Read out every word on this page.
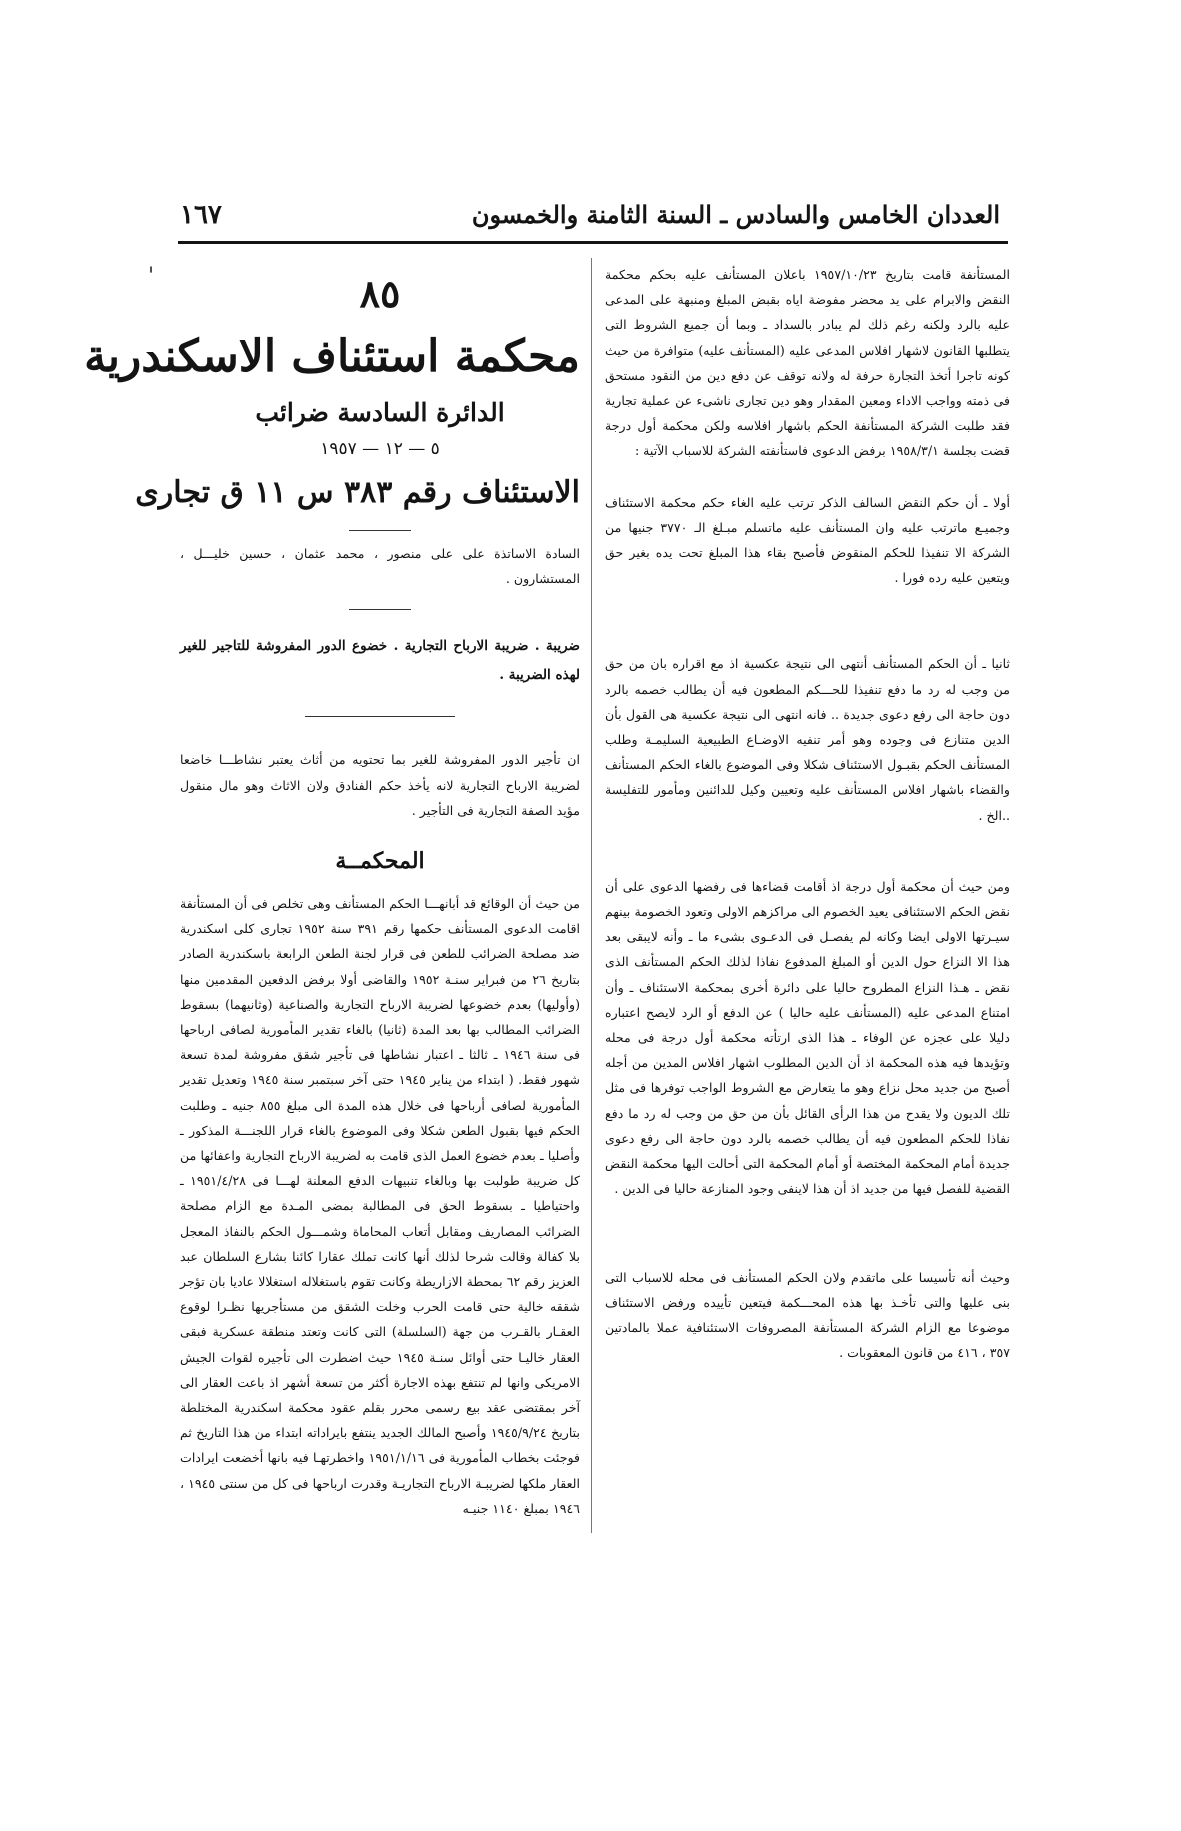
العددان الخامس والسادس ـ السنة الثامنة والخمسون
١٦٧
'	المستأنفة قامت بتاريخ ١٩٥٧/١٠/٢٣ باعلان المستأنف عليه بحكم محكمة النقض والابرام على يد محضر مفوضة اياه بقبض المبلغ ومنبهة على المدعى عليه بالرد ولكنه رغم ذلك لم يبادر بالسداد ـ وبما أن جميع الشروط التى يتطلبها القانون لاشهار افلاس المدعى عليه (المستأنف عليه) متوافرة من حيث كونه تاجرا أتخذ التجارة حرفة له ولانه توقف عن دفع دين من النقود مستحق فى ذمته وواجب الاداء ومعين المقدار وهو دين تجارى ناشىء عن عملية تجارية فقد طلبت الشركة المستأنفة الحكم باشهار افلاسه ولكن محكمة أول درجة قضت بجلسة ١٩٥٨/٣/١ برفض الدعوى فاستأنفته الشركة للاسباب الآتية :

أولا ـ أن حكم النقض السالف الذكر ترتب عليه الغاء حكم محكمة الاستئناف وجميـع ماترتب عليه وان المستأنف عليه ماتسلم مبـلغ الـ ٣٧٧٠ جنيها من الشركة الا تنفيذا للحكم المنقوض فأصبح بقاء هذا المبلغ تحت يده بغير حق ويتعين عليه رده فورا .

ثانيا ـ أن الحكم المستأنف أنتهى الى نتيجة عكسية اذ مع اقراره بان من حق من وجب له رد ما دفع تنفيذا للحـــكم المطعون فيه أن يطالب خصمه بالرد دون حاجة الى رفع دعوى جديدة .. فانه انتهى الى نتيجة عكسية هى القول بأن الدين متنازع فى وجوده وهو أمر تنفيه الاوضـاع الطبيعية السليمـة وطلب المستأنف الحكم بقبـول الاستئناف شكلا وفى الموضوع بالغاء الحكم المستأنف والقضاء باشهار افلاس المستأنف عليه وتعيين وكيل للدائنين ومأمور للتفليسة ..الخ .

ومن حيث أن محكمة أول درجة اذ أقامت قضاءها فى رفضها الدعوى على أن نقض الحكم الاستئنافى يعيد الخصوم الى مراكزهم الاولى وتعود الخصومة بينهم سيـرتها الاولى ايضا وكانه لم يفصـل فى الدعـوى بشىء ما ـ وأنه لايبقى بعد هذا الا النزاع حول الدين أو المبلغ المدفوع نفاذا لذلك الحكم المستأنف الذى نقض ـ هـذا النزاع المطروح حاليا على دائرة أخرى بمحكمة الاستئناف ـ وأن امتناع المدعى عليه (المستأنف عليه حاليا ) عن الدفع أو الرد لايصح اعتباره دليلا على عجزه عن الوفاء ـ هذا الذى ارتأته محكمة أول درجة فى محله وتؤيدها فيه هذه المحكمة اذ أن الدين المطلوب اشهار افلاس المدين من أجله أصبح من جديد محل نزاع وهو ما يتعارض مع الشروط الواجب توفرها فى مثل تلك الديون ولا يقدح من هذا الرأى القائل بأن من حق من وجب له رد ما دفع نفاذا للحكم المطعون فيه أن يطالب خصمه بالرد دون حاجة الى رفع دعوى جديدة أمام المحكمة المختصة أو أمام المحكمة التى أحالت اليها محكمة النقض القضية للفصل فيها من جديد اذ أن هذا لاينفى وجود المنازعة حاليا فى الدين .

وحيث أنه تأسيسا على ماتقدم ولان الحكم المستأنف فى محله للاسباب التى بنى عليها والتى تأخـذ بها هذه المحـــكمة فيتعين تأييده ورفض الاستئناف موضوعا مع الزام الشركة المستأنفة المصروفات الاستئنافية عملا بالمادتين ٣٥٧ ، ٤١٦ من قانون المعقوبات .

٨٥

محكمة استئناف الاسكندرية

الدائرة السادسة ضرائب

٥ — ١٢ — ١٩٥٧

الاستئناف رقم ٣٨٣ س ١١ ق تجارى

السادة الاساتذة على على منصور ، محمد عثمان ، حسين خليـــل ، المستشارون .

ضريبة . ضريبة الارباح التجارية . خضوع الدور المفروشة للتاجير للغير لهذه الضريبة .

ان تأجير الدور المفروشة للغير بما تحتويه من أثاث يعتبر نشاطـــا خاضعا لضريبة الارباح التجارية لانه يأخذ حكم الفنادق ولان الاثاث وهو مال منقول مؤيد الصفة التجارية فى التأجير .

المحكمــة

من حيث أن الوقائع قد أبانهـــا الحكم المستأنف وهى تخلص فى أن المستأنفة اقامت الدعوى المستأنف حكمها رقم ٣٩١ سنة ١٩٥٢ تجارى كلى اسكندرية ضد مصلحة الضرائب للطعن فى قرار لجنة الطعن الرابعة باسكندرية الصادر بتاريخ ٢٦ من فبراير سنـة ١٩٥٢ والقاضى أولا برفض الدفعين المقدمين منها (وأوليها) بعدم خضوعها لضريبة الارباح التجارية والصناعية (وثانيهما) بسقوط الضرائب المطالب بها بعد المدة (ثانيا) بالغاء تقدير المأمورية لصافى ارباحها فى سنة ١٩٤٦ ـ ثالثا ـ اعتبار نشاطها فى تأجير شقق مفروشة لمدة تسعة شهور فقط. ( ابتداء من يناير ١٩٤٥ حتى آخر سبتمبر سنة ١٩٤٥ وتعديل تقدير المأمورية لصافى أرباحها فى خلال هذه المدة الى مبلغ ٨٥٥ جنيه ـ وطلبت الحكم فيها بقبول الطعن شكلا وفى الموضوع بالغاء قرار اللجنـــة المذكور ـ وأصليا ـ بعدم خضوع العمل الذى قامت به لضريبة الارباح التجارية واعفائها من كل ضريبة طولبت بها وبالغاء تنبيهات الدفع المعلنة لهـــا فى ١٩٥١/٤/٢٨ ـ واحتياطيا ـ بسقوط الحق فى المطالبة بمضى المـدة مع الزام مصلحة الضرائب المصاريف ومقابل أتعاب المحاماة وشمـــول الحكم بالنفاذ المعجل بلا كفالة وقالت شرحا لذلك أنها كانت تملك عقارا كائنا بشارع السلطان عبد العزيز رقم ٦٢ بمحطة الازاريطة وكانت تقوم باستغلاله استغلالا عاديا بان تؤجر شققه خالية حتى قامت الحرب وخلت الشقق من مستأجريها نظـرا لوقوع العقـار بالقـرب من جهة (السلسلة) التى كانت وتعتد منطقة عسكرية فبقى العقار خاليـا حتى أوائل سنـة ١٩٤٥ حيث اضطرت الى تأجيره لقوات الجيش الامريكى وانها لم تنتفع بهذه الاجارة أكثر من تسعة أشهر اذ باعت العقار الى آخر بمقتضى عقد بيع رسمى محرر بقلم عقود محكمة اسكندرية المختلطة بتاريخ ١٩٤٥/٩/٢٤ وأصبح المالك الجديد ينتفع بايراداته ابتداء من هذا التاريخ ثم فوجئت بخطاب المأمورية فى ١٩٥١/١/١٦ واخطرتهـا فيه بانها أخضعت ايرادات العقار ملكها لضريبـة الارباح التجاريـة وقدرت ارباحها فى كل من سنتى ١٩٤٥ ، ١٩٤٦ بمبلغ ١١٤٠ جنيـه
